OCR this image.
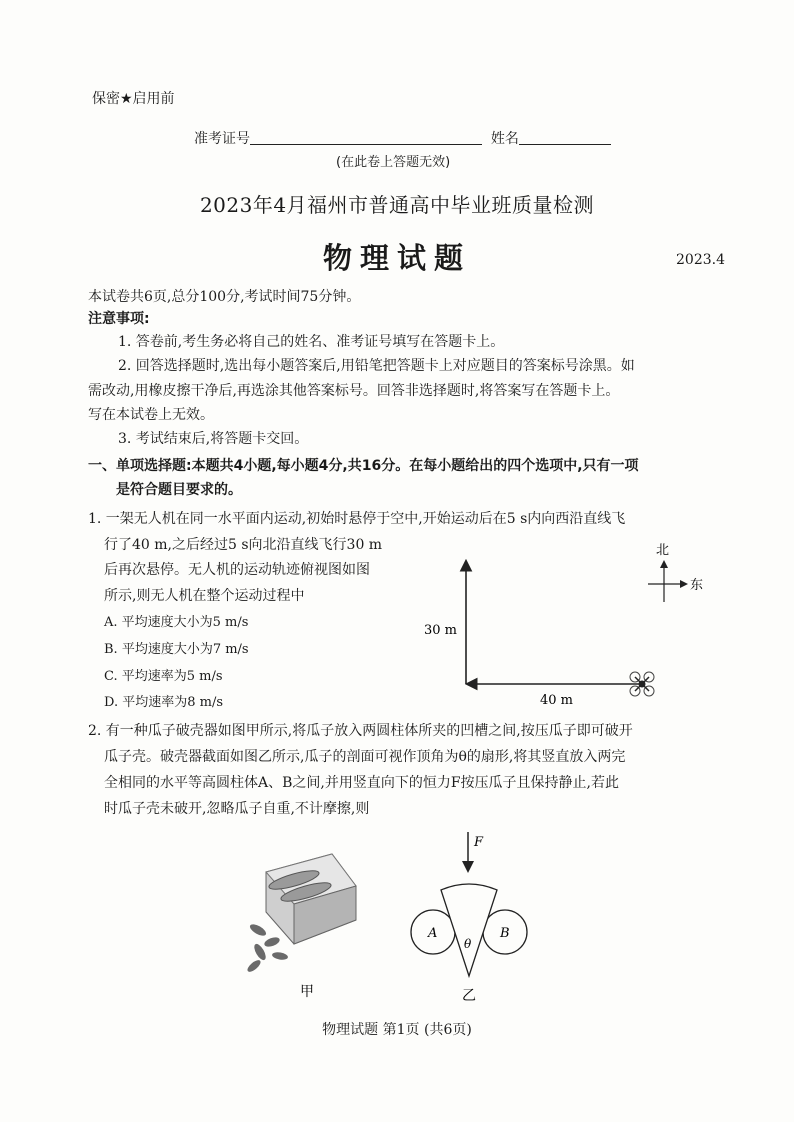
保密★启用前
准考证号	姓名
(在此卷上答题无效)
2023年4月福州市普通高中毕业班质量检测
物理试题	2023.4
本试卷共6页,总分100分,考试时间75分钟。
注意事项:
1. 答卷前,考生务必将自己的姓名、准考证号填写在答题卡上。
2. 回答选择题时,选出每小题答案后,用铅笔把答题卡上对应题目的答案标号涂黑。如
需改动,用橡皮擦干净后,再选涂其他答案标号。回答非选择题时,将答案写在答题卡上。
写在本试卷上无效。
3. 考试结束后,将答题卡交回。
一、单项选择题:本题共4小题,每小题4分,共16分。在每小题给出的四个选项中,只有一项
是符合题目要求的。
1. 一架无人机在同一水平面内运动,初始时悬停于空中,开始运动后在5 s内向西沿直线飞
行了40 m,之后经过5 s向北沿直线飞行30 m
后再次悬停。无人机的运动轨迹俯视图如图
所示,则无人机在整个运动过程中
A. 平均速度大小为5 m/s
B. 平均速度大小为7 m/s
C. 平均速率为5 m/s
D. 平均速率为8 m/s
30 m
40 m
北
东
2. 有一种瓜子破壳器如图甲所示,将瓜子放入两圆柱体所夹的凹槽之间,按压瓜子即可破开
瓜子壳。破壳器截面如图乙所示,瓜子的剖面可视作顶角为θ的扇形,将其竖直放入两完
全相同的水平等高圆柱体A、B之间,并用竖直向下的恒力F按压瓜子且保持静止,若此
时瓜子壳未破开,忽略瓜子自重,不计摩擦,则
甲
F
A	B
θ
乙
物理试题 第1页 (共6页)
